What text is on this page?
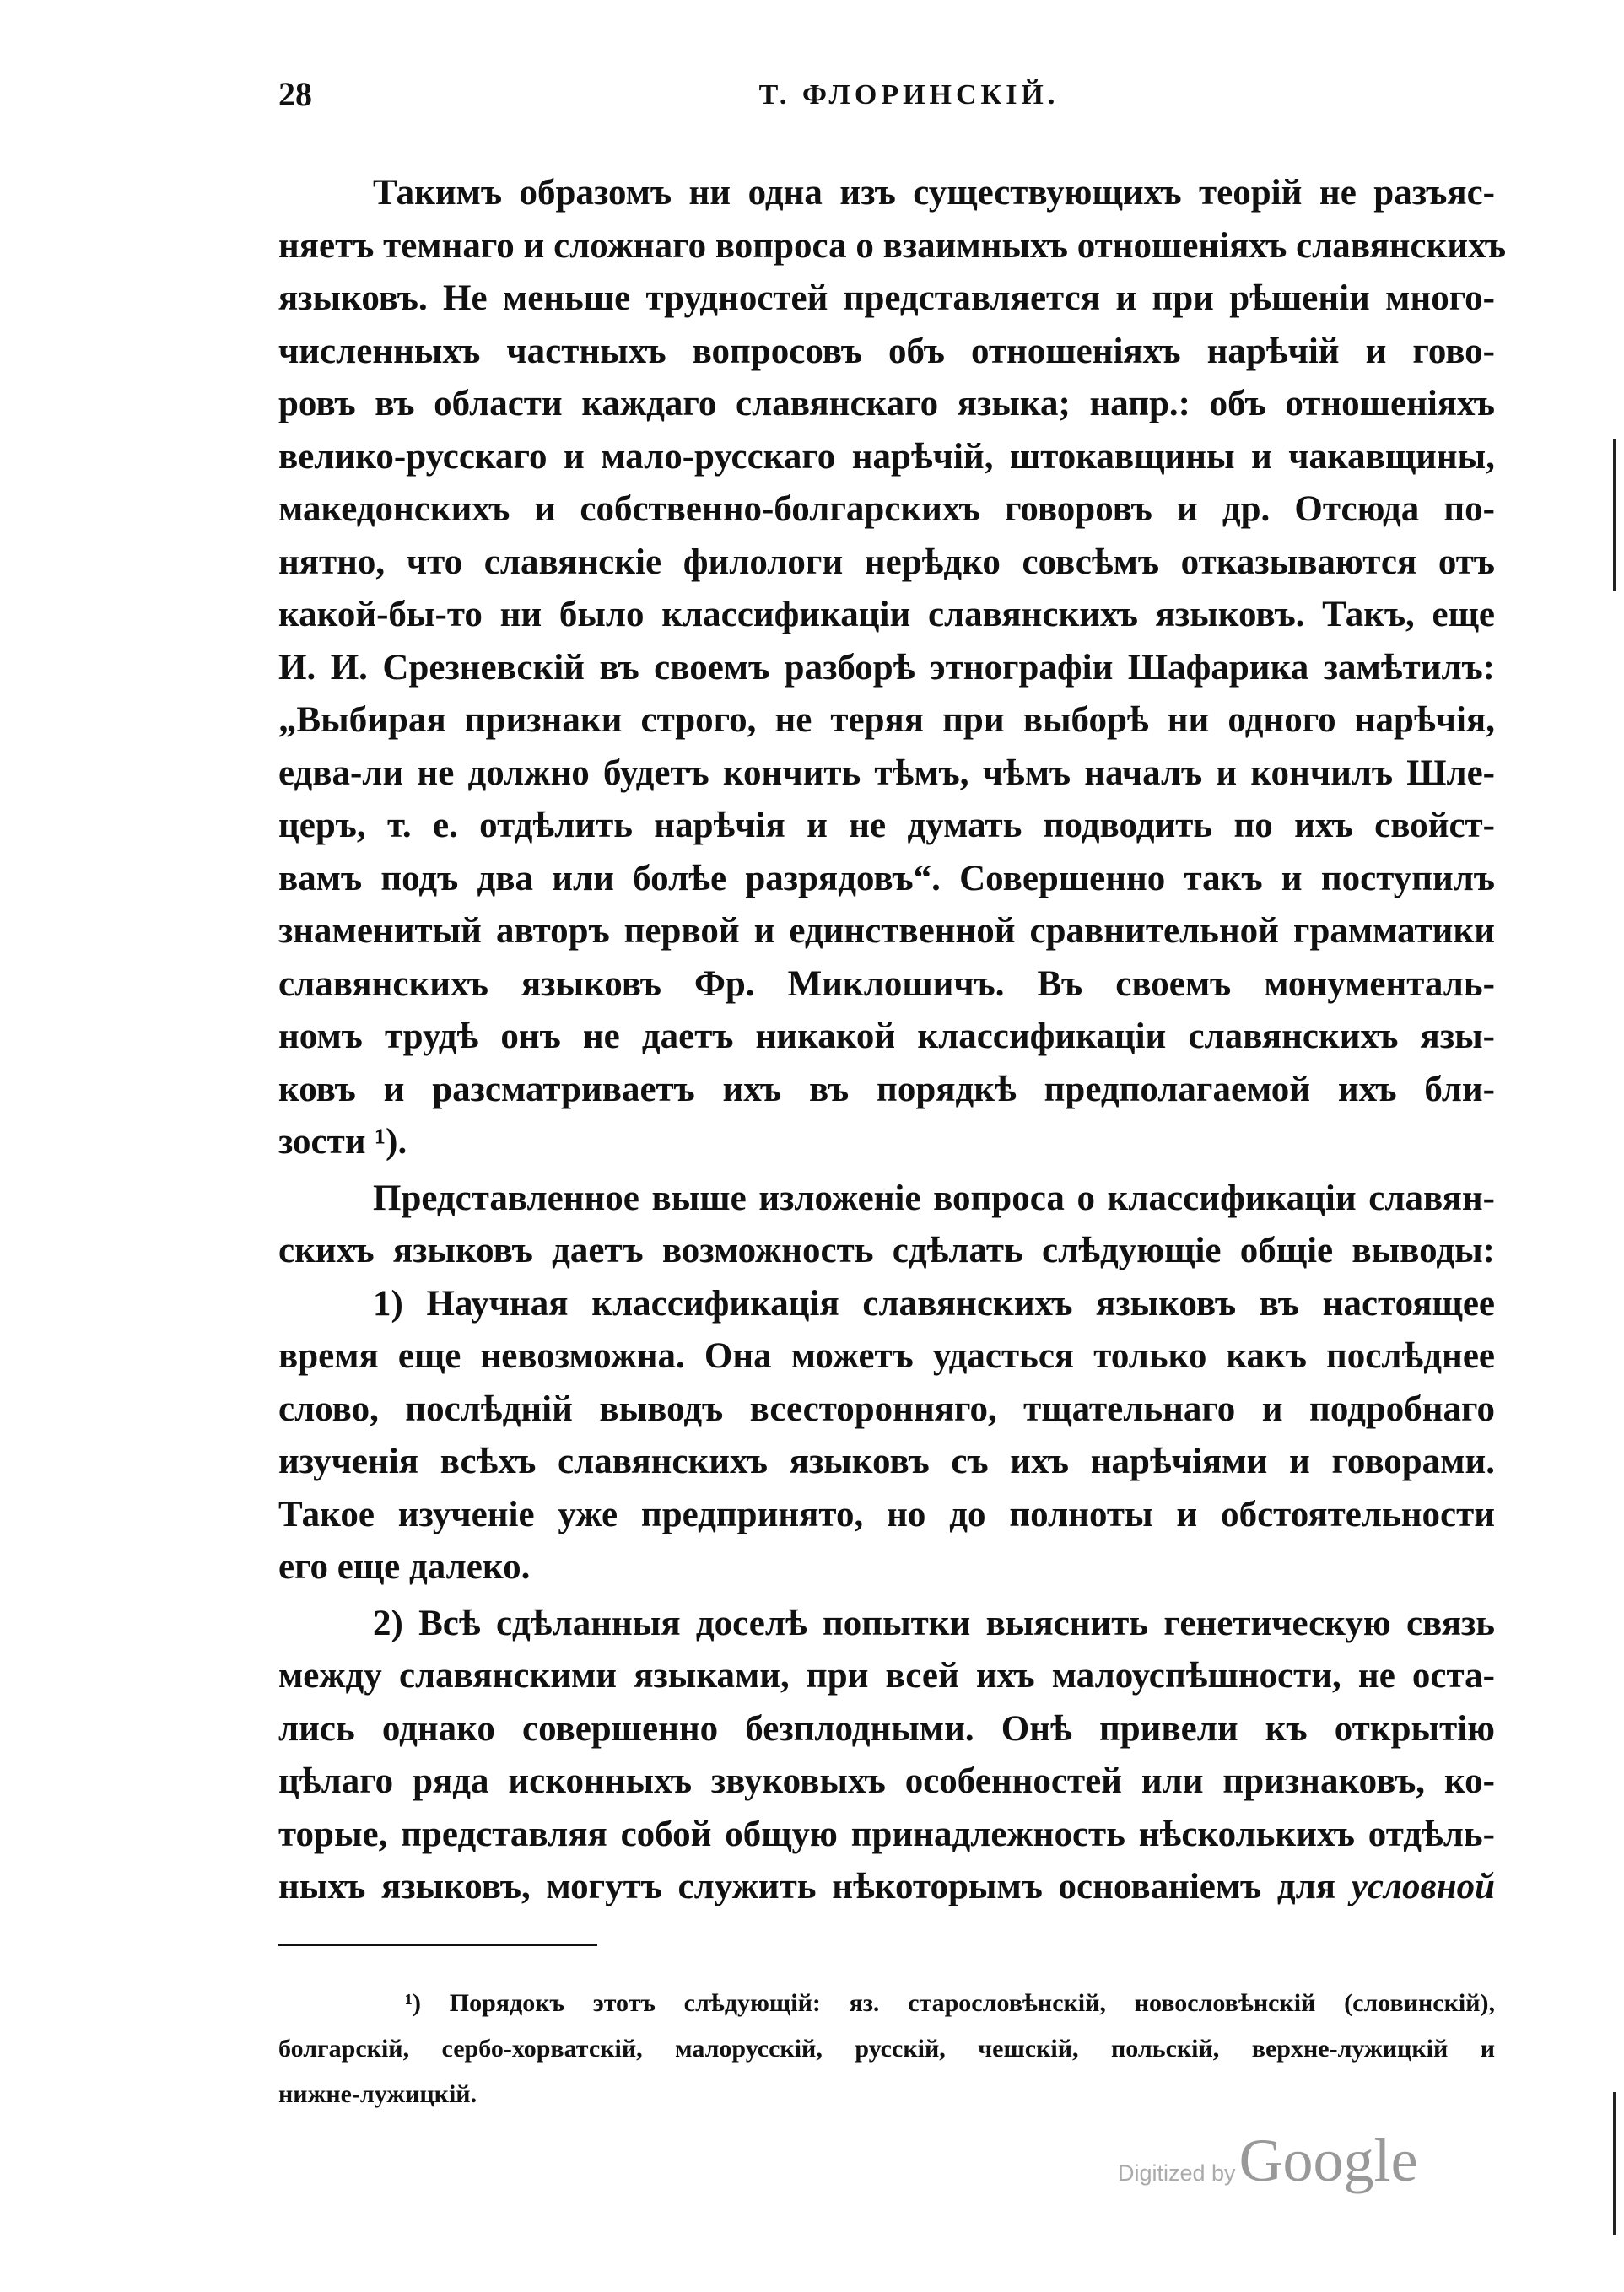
28	Т. ФЛОРИНСКІЙ.
Такимъ образомъ ни одна изъ существующихъ теорій не разъяс-
няетъ темнаго и сложнаго вопроса о взаимныхъ отношеніяхъ славянскихъ
языковъ. Не меньше трудностей представляется и при рѣшеніи много-
численныхъ частныхъ вопросовъ объ отношеніяхъ нарѣчій и гово-
ровъ въ области каждаго славянскаго языка; напр.: объ отношеніяхъ
велико-русскаго и мало-русскаго нарѣчій, штокавщины и чакавщины,
македонскихъ и собственно-болгарскихъ говоровъ и др. Отсюда по-
нятно, что славянскіе филологи нерѣдко совсѣмъ отказываются отъ
какой-бы-то ни было классификаціи славянскихъ языковъ. Такъ, еще
И. И. Срезневскій въ своемъ разборѣ этнографіи Шафарика замѣтилъ:
„Выбирая признаки строго, не теряя при выборѣ ни одного нарѣчія,
едва-ли не должно будетъ кончить тѣмъ, чѣмъ началъ и кончилъ Шле-
церъ, т. е. отдѣлить нарѣчія и не думать подводить по ихъ свойст-
вамъ подъ два или болѣе разрядовъ“. Совершенно такъ и поступилъ
знаменитый авторъ первой и единственной сравнительной грамматики
славянскихъ языковъ Фр. Миклошичъ. Въ своемъ монументаль-
номъ трудѣ онъ не даетъ никакой классификаціи славянскихъ язы-
ковъ и разсматриваетъ ихъ въ порядкѣ предполагаемой ихъ бли-
зости ¹).
Представленное выше изложеніе вопроса о классификаціи славян-
скихъ языковъ даетъ возможность сдѣлать слѣдующіе общіе выводы:
1) Научная классификація славянскихъ языковъ въ настоящее
время еще невозможна. Она можетъ удасться только какъ послѣднее
слово, послѣдній выводъ всесторонняго, тщательнаго и подробнаго
изученія всѣхъ славянскихъ языковъ съ ихъ нарѣчіями и говорами.
Такое изученіе уже предпринято, но до полноты и обстоятельности
его еще далеко.
2) Всѣ сдѣланныя доселѣ попытки выяснить генетическую связь
между славянскими языками, при всей ихъ малоуспѣшности, не оста-
лись однако совершенно безплодными. Онѣ привели къ открытію
цѣлаго ряда исконныхъ звуковыхъ особенностей или признаковъ, ко-
торые, представляя собой общую принадлежность нѣсколькихъ отдѣль-
ныхъ языковъ, могутъ служить нѣкоторымъ основаніемъ для условной
¹) Порядокъ этотъ слѣдующій: яз. старословѣнскій, новословѣнскій (словинскій),
болгарскій, сербо-хорватскій, малорусскій, русскій, чешскій, польскій, верхне-лужицкій и
нижне-лужицкій.
Digitized by Google
